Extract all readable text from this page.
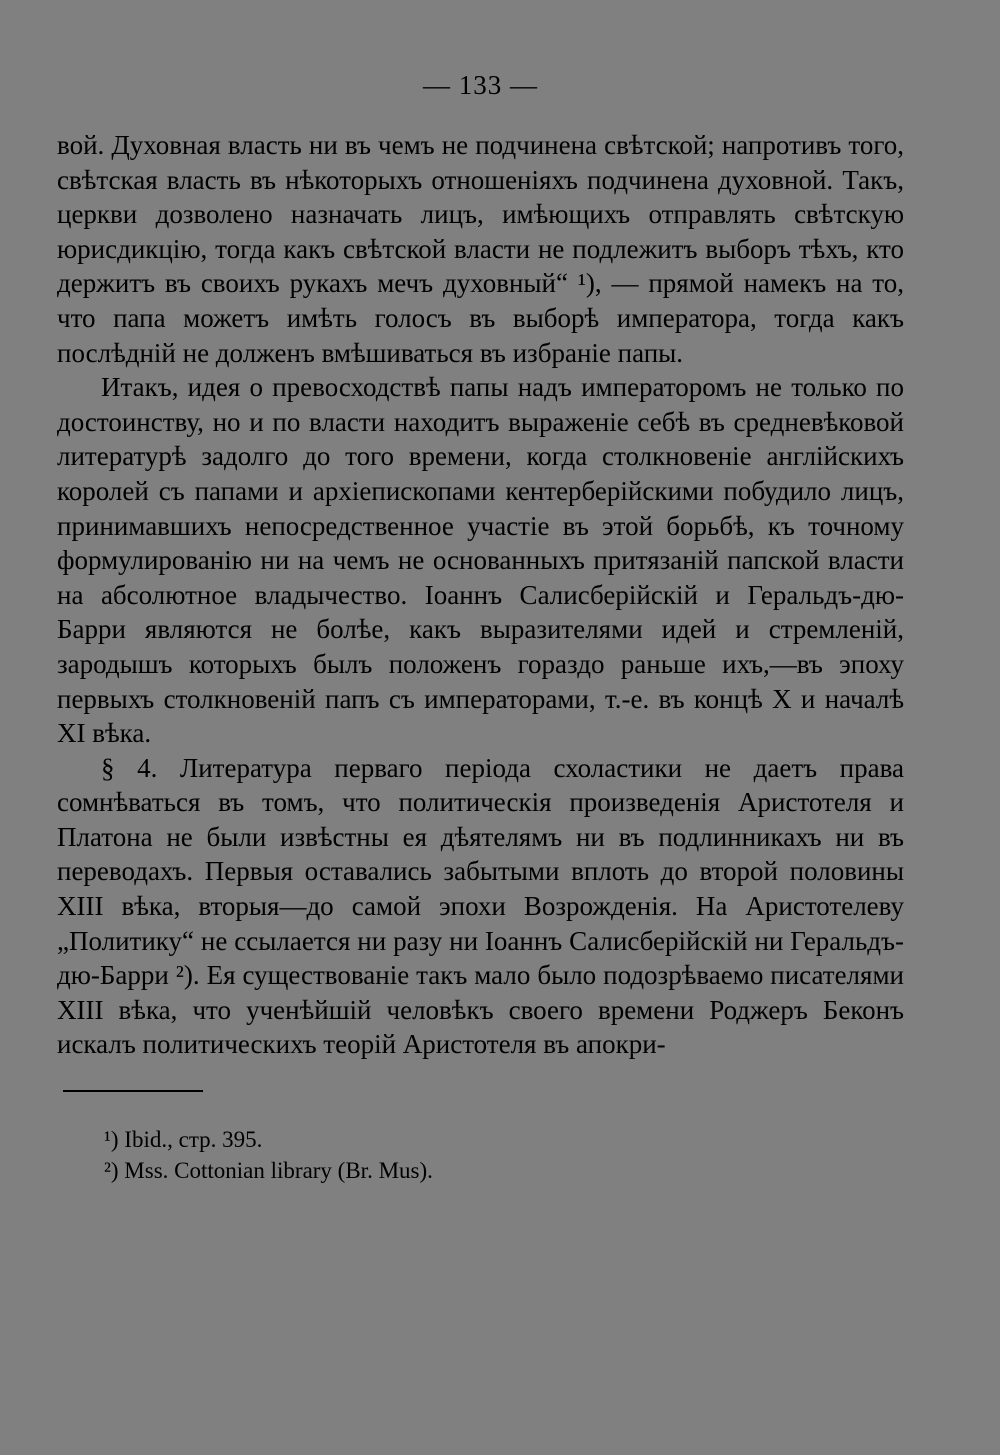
— 133 —

вой. Духовная власть ни въ чемъ не подчинена свѣтской; напротивъ того, свѣтская власть въ нѣкоторыхъ отношеніяхъ подчинена духовной. Такъ, церкви дозволено назначать лицъ, имѣющихъ отправлять свѣтскую юрисдикцію, тогда какъ свѣтской власти не подлежитъ выборъ тѣхъ, кто держитъ въ своихъ рукахъ мечъ духовный“ ¹), — прямой намекъ на то, что папа можетъ имѣть голосъ въ выборѣ императора, тогда какъ послѣдній не долженъ вмѣшиваться въ избраніе папы.

Итакъ, идея о превосходствѣ папы надъ императоромъ не только по достоинству, но и по власти находитъ выраженіе себѣ въ средневѣковой литературѣ задолго до того времени, когда столкновеніе англійскихъ королей съ папами и архіепископами кентерберійскими побудило лицъ, принимавшихъ непосредственное участіе въ этой борьбѣ, къ точному формулированію ни на чемъ не основанныхъ притязаній папской власти на абсолютное владычество. Іоаннъ Салисберійскій и Геральдъ-дю-Барри являются не болѣе, какъ выразителями идей и стремленій, зародышъ которыхъ былъ положенъ гораздо раньше ихъ,—въ эпоху первыхъ столкновеній папъ съ императорами, т.-е. въ концѣ X и началѣ XI вѣка.

§ 4. Литература перваго періода схоластики не даетъ права сомнѣваться въ томъ, что политическія произведенія Аристотеля и Платона не были извѣстны ея дѣятелямъ ни въ подлинникахъ ни въ переводахъ. Первыя оставались забытыми вплоть до второй половины XIII вѣка, вторыя—до самой эпохи Возрожденія. На Аристотелеву „Политику“ не ссылается ни разу ни Іоаннъ Салисберійскій ни Геральдъ-дю-Барри ²). Ея существованіе такъ мало было подозрѣваемо писателями XIII вѣка, что ученѣйшій человѣкъ своего времени Роджеръ Беконъ искалъ политическихъ теорій Аристотеля въ апокри-

¹) Ibid., стр. 395.

²) Mss. Cottonian library (Br. Mus).
